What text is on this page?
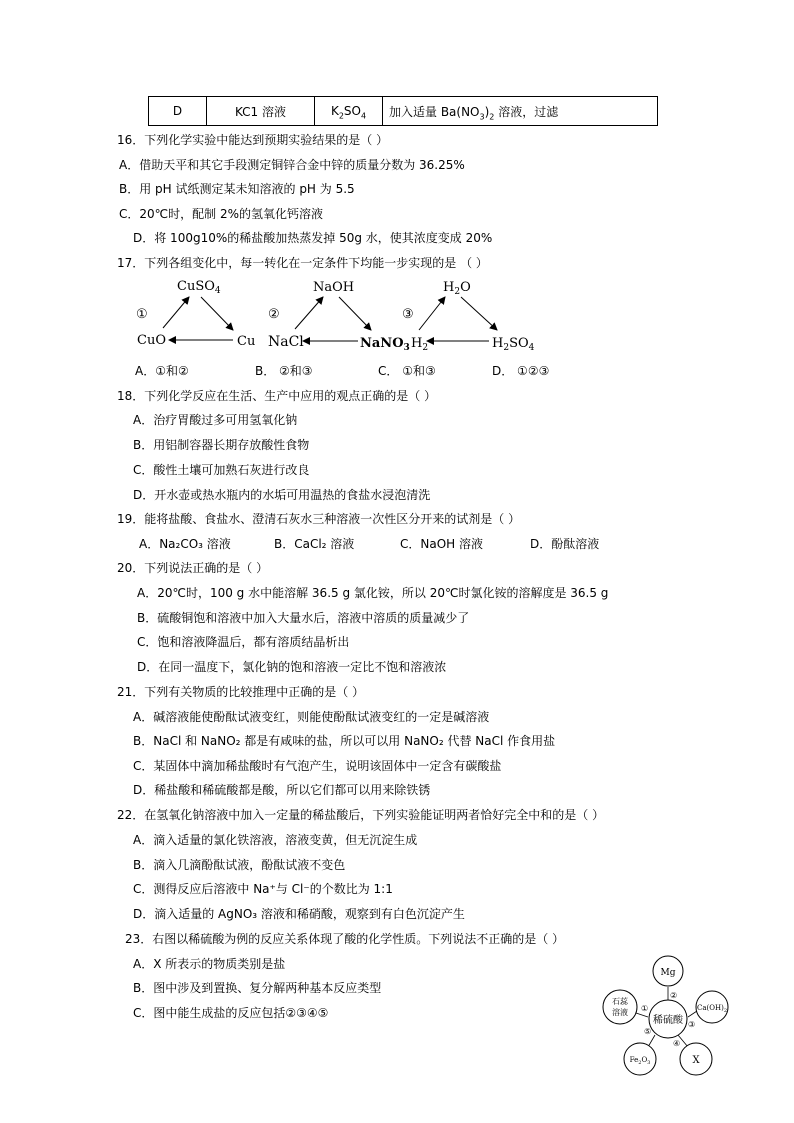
D	KC1 溶液	$K_2SO_4$	加入适量 $Ba(NO_3)_2$ 溶液，过滤
16．下列化学实验中能达到预期实验结果的是（ ）
A．借助天平和其它手段测定铜锌合金中锌的质量分数为 36.25%
B．用 pH 试纸测定某未知溶液的 pH 为 5.5
C．20℃时，配制 2%的氢氧化钙溶液
D．将 100g10%的稀盐酸加热蒸发掉 50g 水，使其浓度变成 20%
17．下列各组变化中，每一转化在一定条件下均能一步实现的是 （ ）
①
CuSO$_4$
CuO	Cu
②
NaOH
NaCl	NaNO$_3$
③
$H_2O$
$H_2$	$H_2SO_4$
A．①和②	B． ②和③	C． ①和③	D． ①②③
18．下列化学反应在生活、生产中应用的观点正确的是（ ）
A．治疗胃酸过多可用氢氧化钠
B．用铝制容器长期存放酸性食物
C．酸性土壤可加熟石灰进行改良
D．开水壶或热水瓶内的水垢可用温热的食盐水浸泡清洗
19．能将盐酸、食盐水、澄清石灰水三种溶液一次性区分开来的试剂是（ ）
A．Na₂CO₃ 溶液	B．CaCl₂ 溶液	C．NaOH 溶液	D．酚酞溶液
20．下列说法正确的是（ ）
A．20℃时，100 g 水中能溶解 36.5 g 氯化铵，所以 20℃时氯化铵的溶解度是 36.5 g
B．硫酸铜饱和溶液中加入大量水后，溶液中溶质的质量减少了
C．饱和溶液降温后，都有溶质结晶析出
D．在同一温度下，氯化钠的饱和溶液一定比不饱和溶液浓
21．下列有关物质的比较推理中正确的是（ ）
A．碱溶液能使酚酞试液变红，则能使酚酞试液变红的一定是碱溶液
B．NaCl 和 NaNO₂ 都是有咸味的盐，所以可以用 NaNO₂ 代替 NaCl 作食用盐
C．某固体中滴加稀盐酸时有气泡产生，说明该固体中一定含有碳酸盐
D．稀盐酸和稀硫酸都是酸，所以它们都可以用来除铁锈
22．在氢氧化钠溶液中加入一定量的稀盐酸后，下列实验能证明两者恰好完全中和的是（ ）
A．滴入适量的氯化铁溶液，溶液变黄，但无沉淀生成
B．滴入几滴酚酞试液，酚酞试液不变色
C．测得反应后溶液中 Na⁺与 Cl⁻的个数比为 1:1
D．滴入适量的 AgNO₃ 溶液和稀硝酸，观察到有白色沉淀产生
23．右图以稀硫酸为例的反应关系体现了酸的化学性质。下列说法不正确的是（ ）
A．X 所表示的物质类别是盐
B．图中涉及到置换、复分解两种基本反应类型
C．图中能生成盐的反应包括②③④⑤
稀硫酸
Mg
$Ca(OH)_2$
X
$Fe_2O_3$
石蕊
溶液 ①
②
③
④
⑤
